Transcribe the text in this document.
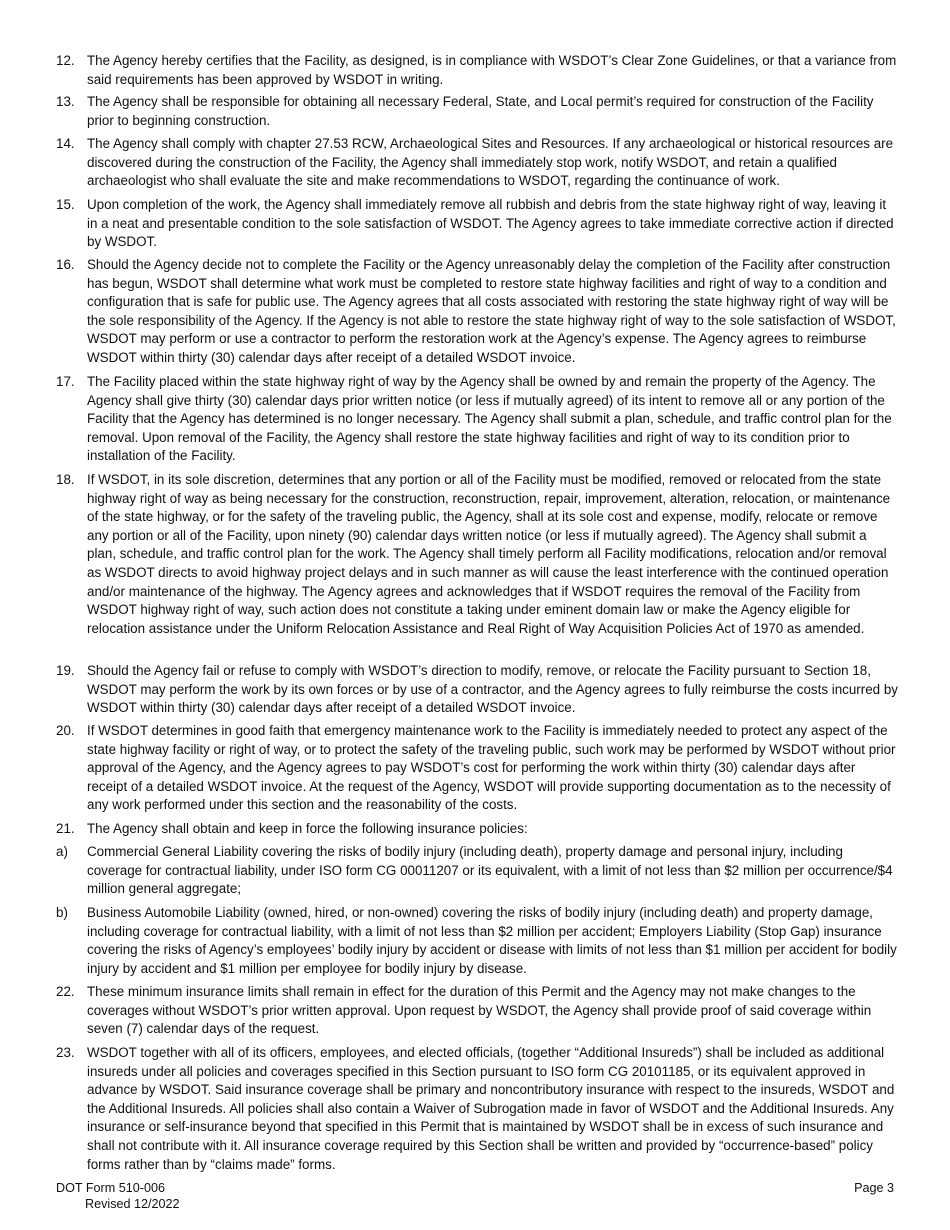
12. The Agency hereby certifies that the Facility, as designed, is in compliance with WSDOT’s Clear Zone Guidelines, or that a variance from said requirements has been approved by WSDOT in writing.
13. The Agency shall be responsible for obtaining all necessary Federal, State, and Local permit’s required for construction of the Facility prior to beginning construction.
14. The Agency shall comply with chapter 27.53 RCW, Archaeological Sites and Resources. If any archaeological or historical resources are discovered during the construction of the Facility, the Agency shall immediately stop work, notify WSDOT, and retain a qualified archaeologist who shall evaluate the site and make recommendations to WSDOT, regarding the continuance of work.
15. Upon completion of the work, the Agency shall immediately remove all rubbish and debris from the state highway right of way, leaving it in a neat and presentable condition to the sole satisfaction of WSDOT. The Agency agrees to take immediate corrective action if directed by WSDOT.
16. Should the Agency decide not to complete the Facility or the Agency unreasonably delay the completion of the Facility after construction has begun, WSDOT shall determine what work must be completed to restore state highway facilities and right of way to a condition and configuration that is safe for public use. The Agency agrees that all costs associated with restoring the state highway right of way will be the sole responsibility of the Agency. If the Agency is not able to restore the state highway right of way to the sole satisfaction of WSDOT, WSDOT may perform or use a contractor to perform the restoration work at the Agency’s expense. The Agency agrees to reimburse WSDOT within thirty (30) calendar days after receipt of a detailed WSDOT invoice.
17. The Facility placed within the state highway right of way by the Agency shall be owned by and remain the property of the Agency. The Agency shall give thirty (30) calendar days prior written notice (or less if mutually agreed) of its intent to remove all or any portion of the Facility that the Agency has determined is no longer necessary. The Agency shall submit a plan, schedule, and traffic control plan for the removal. Upon removal of the Facility, the Agency shall restore the state highway facilities and right of way to its condition prior to installation of the Facility.
18. If WSDOT, in its sole discretion, determines that any portion or all of the Facility must be modified, removed or relocated from the state highway right of way as being necessary for the construction, reconstruction, repair, improvement, alteration, relocation, or maintenance of the state highway, or for the safety of the traveling public, the Agency, shall at its sole cost and expense, modify, relocate or remove any portion or all of the Facility, upon ninety (90) calendar days written notice (or less if mutually agreed). The Agency shall submit a plan, schedule, and traffic control plan for the work. The Agency shall timely perform all Facility modifications, relocation and/or removal as WSDOT directs to avoid highway project delays and in such manner as will cause the least interference with the continued operation and/or maintenance of the highway. The Agency agrees and acknowledges that if WSDOT requires the removal of the Facility from WSDOT highway right of way, such action does not constitute a taking under eminent domain law or make the Agency eligible for relocation assistance under the Uniform Relocation Assistance and Real Right of Way Acquisition Policies Act of 1970 as amended.
19. Should the Agency fail or refuse to comply with WSDOT’s direction to modify, remove, or relocate the Facility pursuant to Section 18, WSDOT may perform the work by its own forces or by use of a contractor, and the Agency agrees to fully reimburse the costs incurred by WSDOT within thirty (30) calendar days after receipt of a detailed WSDOT invoice.
20. If WSDOT determines in good faith that emergency maintenance work to the Facility is immediately needed to protect any aspect of the state highway facility or right of way, or to protect the safety of the traveling public, such work may be performed by WSDOT without prior approval of the Agency, and the Agency agrees to pay WSDOT’s cost for performing the work within thirty (30) calendar days after receipt of a detailed WSDOT invoice. At the request of the Agency, WSDOT will provide supporting documentation as to the necessity of any work performed under this section and the reasonability of the costs.
21. The Agency shall obtain and keep in force the following insurance policies:
a)	Commercial General Liability covering the risks of bodily injury (including death), property damage and personal injury, including coverage for contractual liability, under ISO form CG 00011207 or its equivalent, with a limit of not less than $2 million per occurrence/$4 million general aggregate;
b)	Business Automobile Liability (owned, hired, or non-owned) covering the risks of bodily injury (including death) and property damage, including coverage for contractual liability, with a limit of not less than $2 million per accident; Employers Liability (Stop Gap) insurance covering the risks of Agency’s employees’ bodily injury by accident or disease with limits of not less than $1 million per accident for bodily injury by accident and $1 million per employee for bodily injury by disease.
22. These minimum insurance limits shall remain in effect for the duration of this Permit and the Agency may not make changes to the coverages without WSDOT’s prior written approval. Upon request by WSDOT, the Agency shall provide proof of said coverage within seven (7) calendar days of the request.
23. WSDOT together with all of its officers, employees, and elected officials, (together “Additional Insureds”) shall be included as additional insureds under all policies and coverages specified in this Section pursuant to ISO form CG 20101185, or its equivalent approved in advance by WSDOT. Said insurance coverage shall be primary and noncontributory insurance with respect to the insureds, WSDOT and the Additional Insureds. All policies shall also contain a Waiver of Subrogation made in favor of WSDOT and the Additional Insureds. Any insurance or self-insurance beyond that specified in this Permit that is maintained by WSDOT shall be in excess of such insurance and shall not contribute with it. All insurance coverage required by this Section shall be written and provided by “occurrence-based” policy forms rather than by “claims made” forms.
DOT Form 510-006
Revised 12/2022
Page 3
